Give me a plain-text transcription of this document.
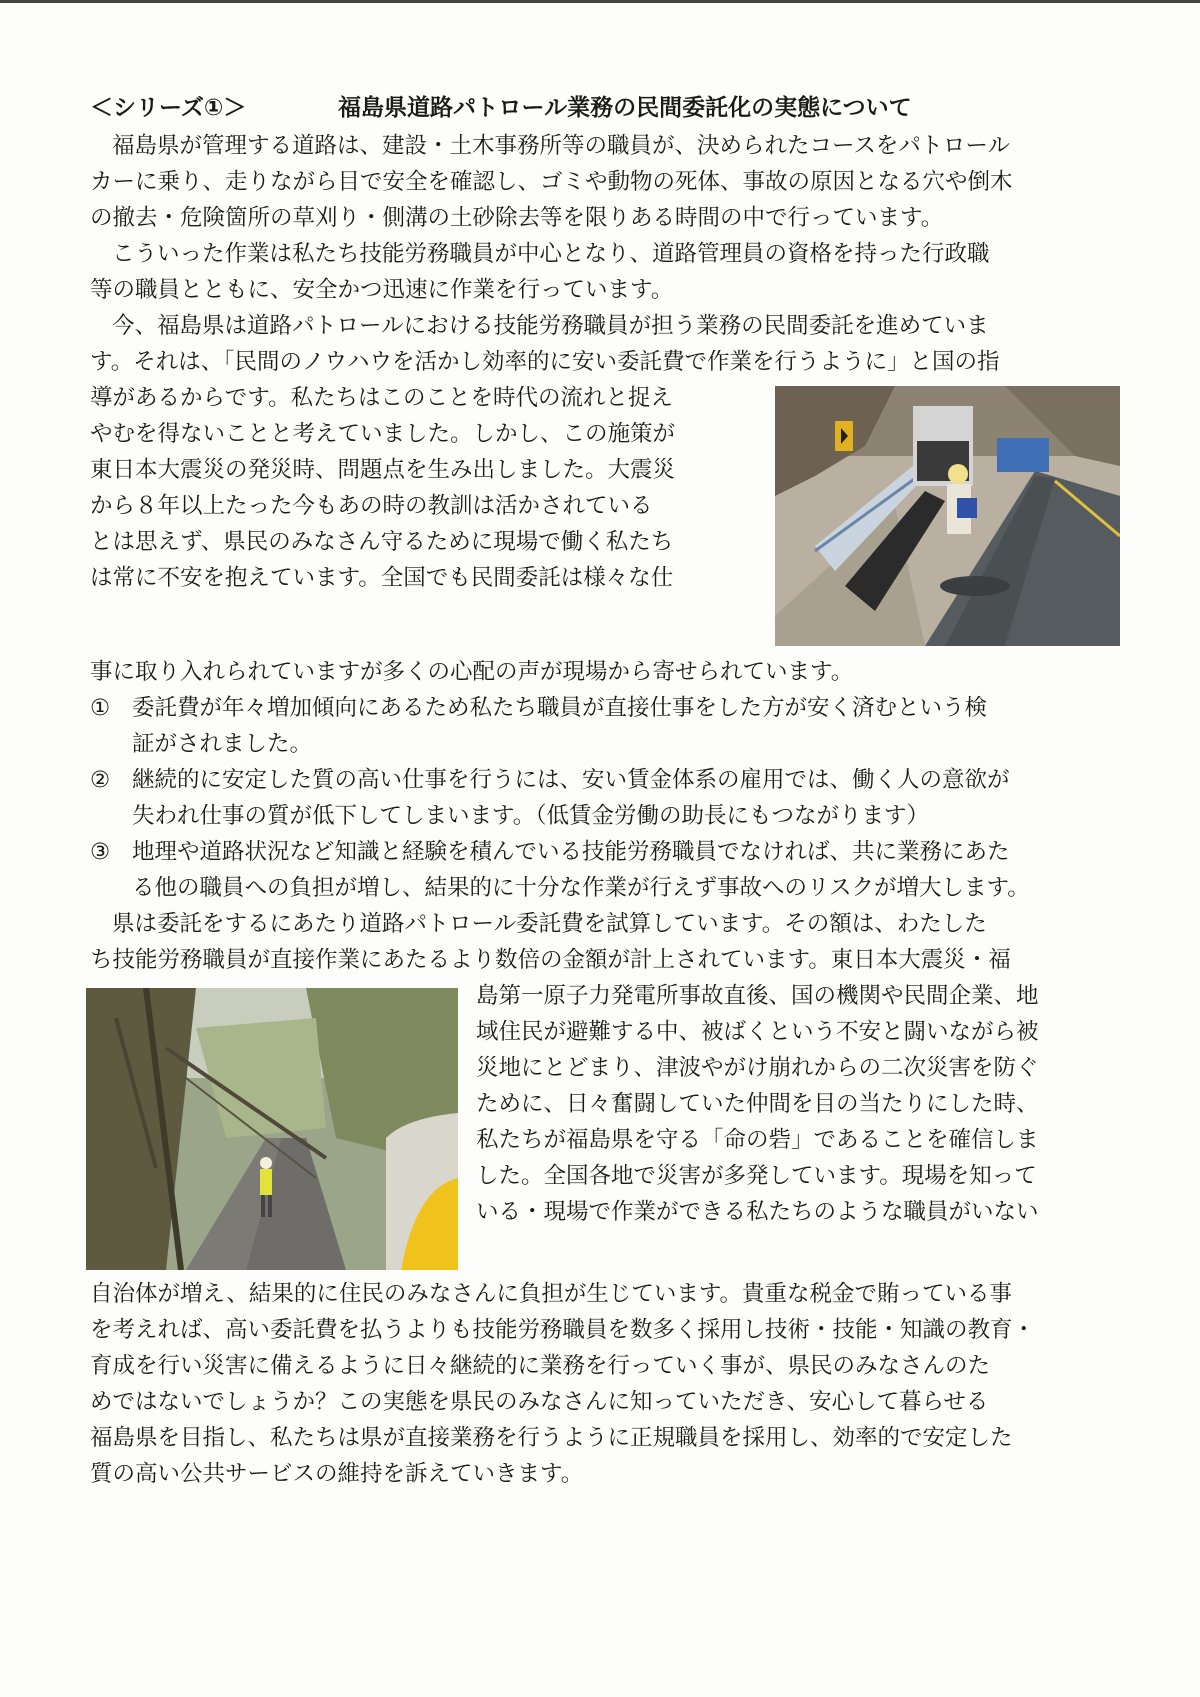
＜シリーズ①＞	福島県道路パトロール業務の民間委託化の実態について

福島県が管理する道路は、建設・土木事務所等の職員が、決められたコースをパトロール

カーに乗り、走りながら目で安全を確認し、ゴミや動物の死体、事故の原因となる穴や倒木

の撤去・危険箇所の草刈り・側溝の土砂除去等を限りある時間の中で行っています。

こういった作業は私たち技能労務職員が中心となり、道路管理員の資格を持った行政職

等の職員とともに、安全かつ迅速に作業を行っています。

今、福島県は道路パトロールにおける技能労務職員が担う業務の民間委託を進めていま

す。それは、「民間のノウハウを活かし効率的に安い委託費で作業を行うように」と国の指

導があるからです。私たちはこのことを時代の流れと捉え

やむを得ないことと考えていました。しかし、この施策が

東日本大震災の発災時、問題点を生み出しました。大震災

から８年以上たった今もあの時の教訓は活かされている

とは思えず、県民のみなさん守るために現場で働く私たち

は常に不安を抱えています。全国でも民間委託は様々な仕

事に取り入れられていますが多くの心配の声が現場から寄せられています。

① 委託費が年々増加傾向にあるため私たち職員が直接仕事をした方が安く済むという検
証がされました。
② 継続的に安定した質の高い仕事を行うには、安い賃金体系の雇用では、働く人の意欲が
失われ仕事の質が低下してしまいます。（低賃金労働の助長にもつながります）
③ 地理や道路状況など知識と経験を積んでいる技能労務職員でなければ、共に業務にあた
る他の職員への負担が増し、結果的に十分な作業が行えず事故へのリスクが増大します。

県は委託をするにあたり道路パトロール委託費を試算しています。その額は、わたした

ち技能労務職員が直接作業にあたるより数倍の金額が計上されています。東日本大震災・福

島第一原子力発電所事故直後、国の機関や民間企業、地

域住民が避難する中、被ばくという不安と闘いながら被

災地にとどまり、津波やがけ崩れからの二次災害を防ぐ

ために、日々奮闘していた仲間を目の当たりにした時、

私たちが福島県を守る「命の砦」であることを確信しま

した。全国各地で災害が多発しています。現場を知って

いる・現場で作業ができる私たちのような職員がいない

自治体が増え、結果的に住民のみなさんに負担が生じています。貴重な税金で賄っている事

を考えれば、高い委託費を払うよりも技能労務職員を数多く採用し技術・技能・知識の教育・

育成を行い災害に備えるように日々継続的に業務を行っていく事が、県民のみなさんのた

めではないでしょうか？この実態を県民のみなさんに知っていただき、安心して暮らせる

福島県を目指し、私たちは県が直接業務を行うように正規職員を採用し、効率的で安定した

質の高い公共サービスの維持を訴えていきます。
